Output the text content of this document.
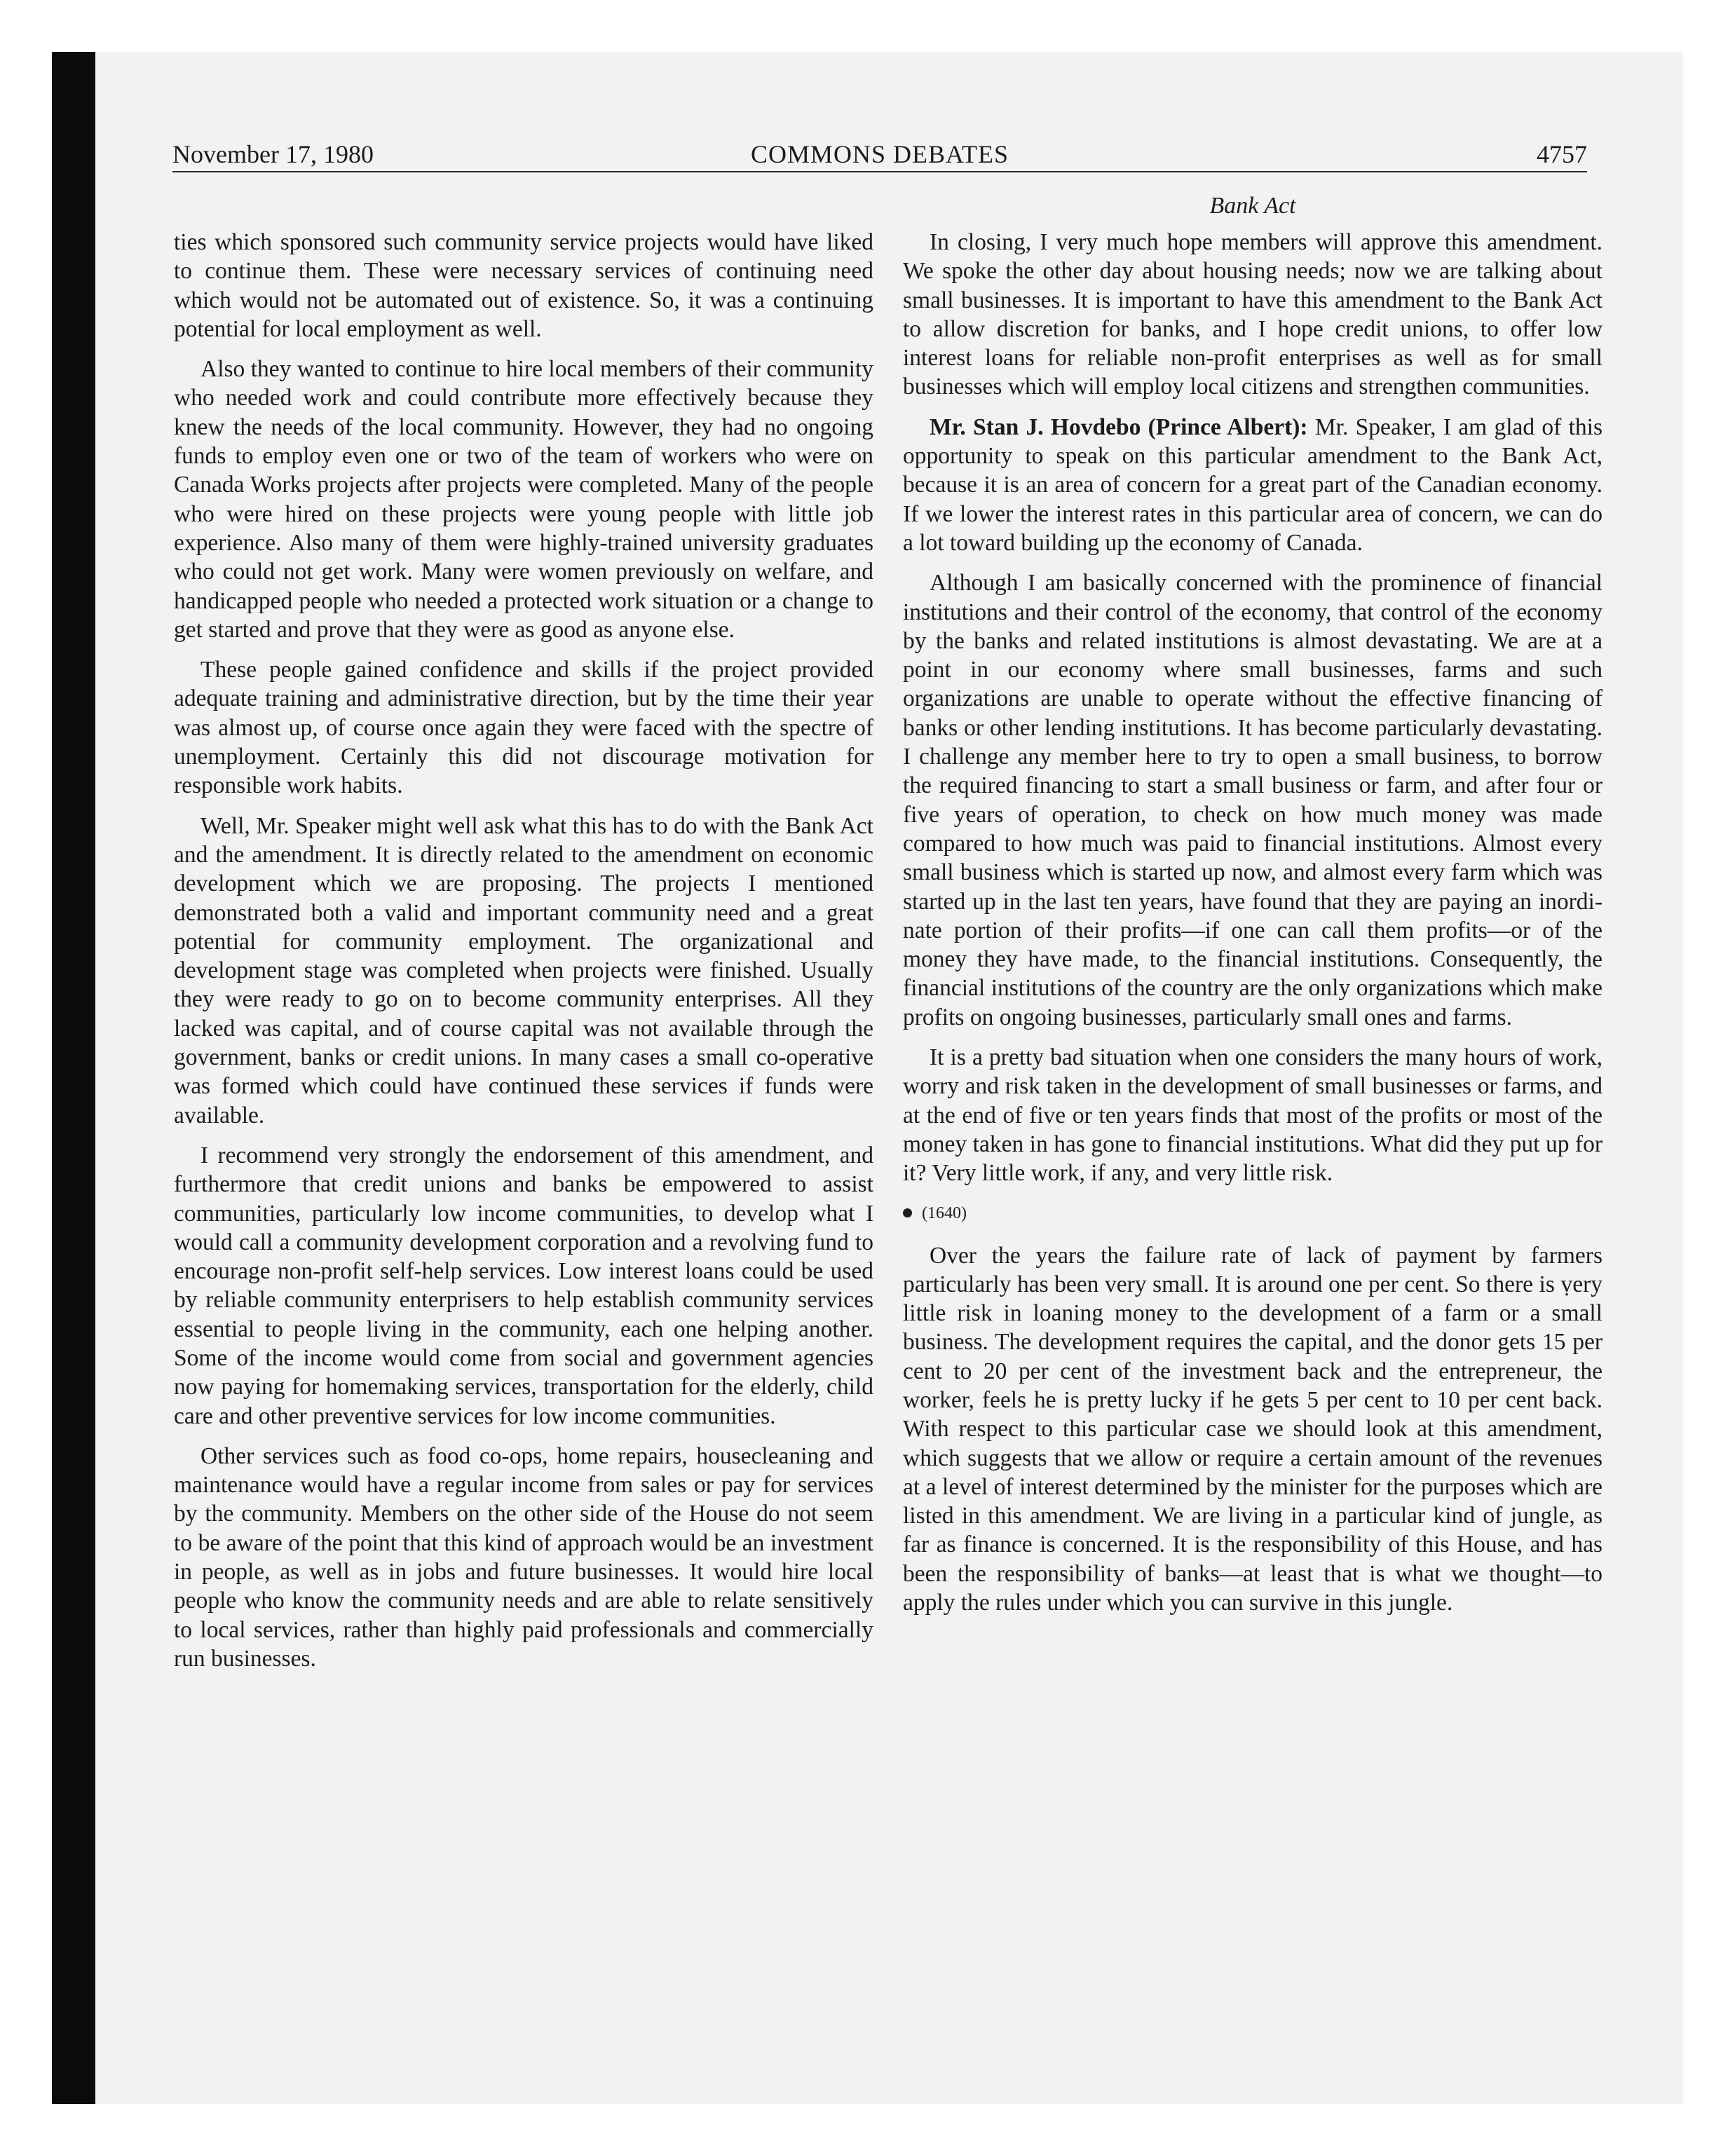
November 17, 1980	COMMONS DEBATES	4757
Bank Act

ties which sponsored such community service projects would have liked to continue them. These were necessary services of continuing need which would not be automated out of existence. So, it was a continuing potential for local employment as well.

Also they wanted to continue to hire local members of their community who needed work and could contribute more effectively because they knew the needs of the local community. However, they had no ongoing funds to employ even one or two of the team of workers who were on Canada Works projects after projects were completed. Many of the people who were hired on these projects were young people with little job experience. Also many of them were highly-trained university graduates who could not get work. Many were women previously on welfare, and handicapped people who needed a protected work situation or a change to get started and prove that they were as good as anyone else.

These people gained confidence and skills if the project provided adequate training and administrative direction, but by the time their year was almost up, of course once again they were faced with the spectre of unemployment. Certainly this did not discourage motivation for responsible work habits.

Well, Mr. Speaker might well ask what this has to do with the Bank Act and the amendment. It is directly related to the amendment on economic development which we are proposing. The projects I mentioned demonstrated both a valid and important community need and a great potential for community employment. The organizational and development stage was completed when projects were finished. Usually they were ready to go on to become community enterprises. All they lacked was capital, and of course capital was not available through the government, banks or credit unions. In many cases a small co-operative was formed which could have continued these services if funds were available.

I recommend very strongly the endorsement of this amendment, and furthermore that credit unions and banks be empowered to assist communities, particularly low income communities, to develop what I would call a community development corporation and a revolving fund to encourage non-profit self-help services. Low interest loans could be used by reliable community enterprisers to help establish community services essential to people living in the community, each one helping another. Some of the income would come from social and government agencies now paying for homemaking services, transportation for the elderly, child care and other preventive services for low income communities.

Other services such as food co-ops, home repairs, housecleaning and maintenance would have a regular income from sales or pay for services by the community. Members on the other side of the House do not seem to be aware of the point that this kind of approach would be an investment in people, as well as in jobs and future businesses. It would hire local people who know the community needs and are able to relate sensitively to local services, rather than highly paid professionals and commercially run businesses.

In closing, I very much hope members will approve this amendment. We spoke the other day about housing needs; now we are talking about small businesses. It is important to have this amendment to the Bank Act to allow discretion for banks, and I hope credit unions, to offer low interest loans for reliable non-profit enterprises as well as for small businesses which will employ local citizens and strengthen communities.

Mr. Stan J. Hovdebo (Prince Albert): Mr. Speaker, I am glad of this opportunity to speak on this particular amendment to the Bank Act, because it is an area of concern for a great part of the Canadian economy. If we lower the interest rates in this particular area of concern, we can do a lot toward building up the economy of Canada.

Although I am basically concerned with the prominence of financial institutions and their control of the economy, that control of the economy by the banks and related institutions is almost devastating. We are at a point in our economy where small businesses, farms and such organizations are unable to operate without the effective financing of banks or other lending institutions. It has become particularly devastating. I challenge any member here to try to open a small business, to borrow the required financing to start a small business or farm, and after four or five years of operation, to check on how much money was made compared to how much was paid to financial institutions. Almost every small business which is started up now, and almost every farm which was started up in the last ten years, have found that they are paying an inordinate portion of their profits—if one can call them profits—or of the money they have made, to the financial institutions. Consequently, the financial institutions of the country are the only organizations which make profits on ongoing businesses, particularly small ones and farms.

It is a pretty bad situation when one considers the many hours of work, worry and risk taken in the development of small businesses or farms, and at the end of five or ten years finds that most of the profits or most of the money taken in has gone to financial institutions. What did they put up for it? Very little work, if any, and very little risk.

(1640)

Over the years the failure rate of lack of payment by farmers particularly has been very small. It is around one per cent. So there is ṿery little risk in loaning money to the development of a farm or a small business. The development requires the capital, and the donor gets 15 per cent to 20 per cent of the investment back and the entrepreneur, the worker, feels he is pretty lucky if he gets 5 per cent to 10 per cent back. With respect to this particular case we should look at this amendment, which suggests that we allow or require a certain amount of the revenues at a level of interest determined by the minister for the purposes which are listed in this amendment. We are living in a particular kind of jungle, as far as finance is concerned. It is the responsibility of this House, and has been the responsibility of banks—at least that is what we thought—to apply the rules under which you can survive in this jungle.
